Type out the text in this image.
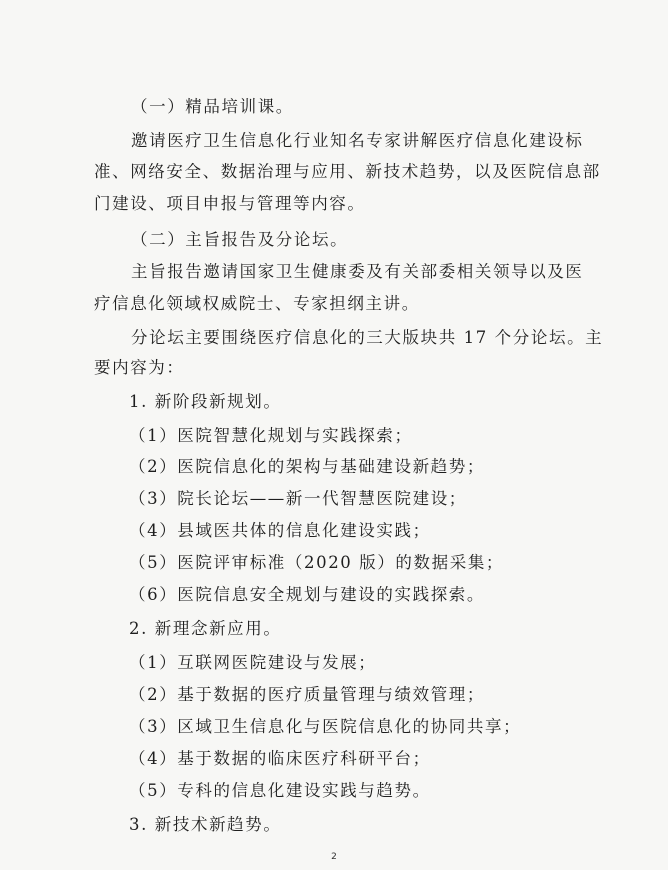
（一）精品培训课。

邀请医疗卫生信息化行业知名专家讲解医疗信息化建设标

准、网络安全、数据治理与应用、新技术趋势，以及医院信息部

门建设、项目申报与管理等内容。

（二）主旨报告及分论坛。

主旨报告邀请国家卫生健康委及有关部委相关领导以及医

疗信息化领域权威院士、专家担纲主讲。

分论坛主要围绕医疗信息化的三大版块共 17 个分论坛。主

要内容为：

1. 新阶段新规划。

（1）医院智慧化规划与实践探索；

（2）医院信息化的架构与基础建设新趋势；

（3）院长论坛——新一代智慧医院建设；

（4）县域医共体的信息化建设实践；

（5）医院评审标准（2020 版）的数据采集；

（6）医院信息安全规划与建设的实践探索。

2. 新理念新应用。

（1）互联网医院建设与发展；

（2）基于数据的医疗质量管理与绩效管理；

（3）区域卫生信息化与医院信息化的协同共享；

（4）基于数据的临床医疗科研平台；

（5）专科的信息化建设实践与趋势。

3. 新技术新趋势。

2
